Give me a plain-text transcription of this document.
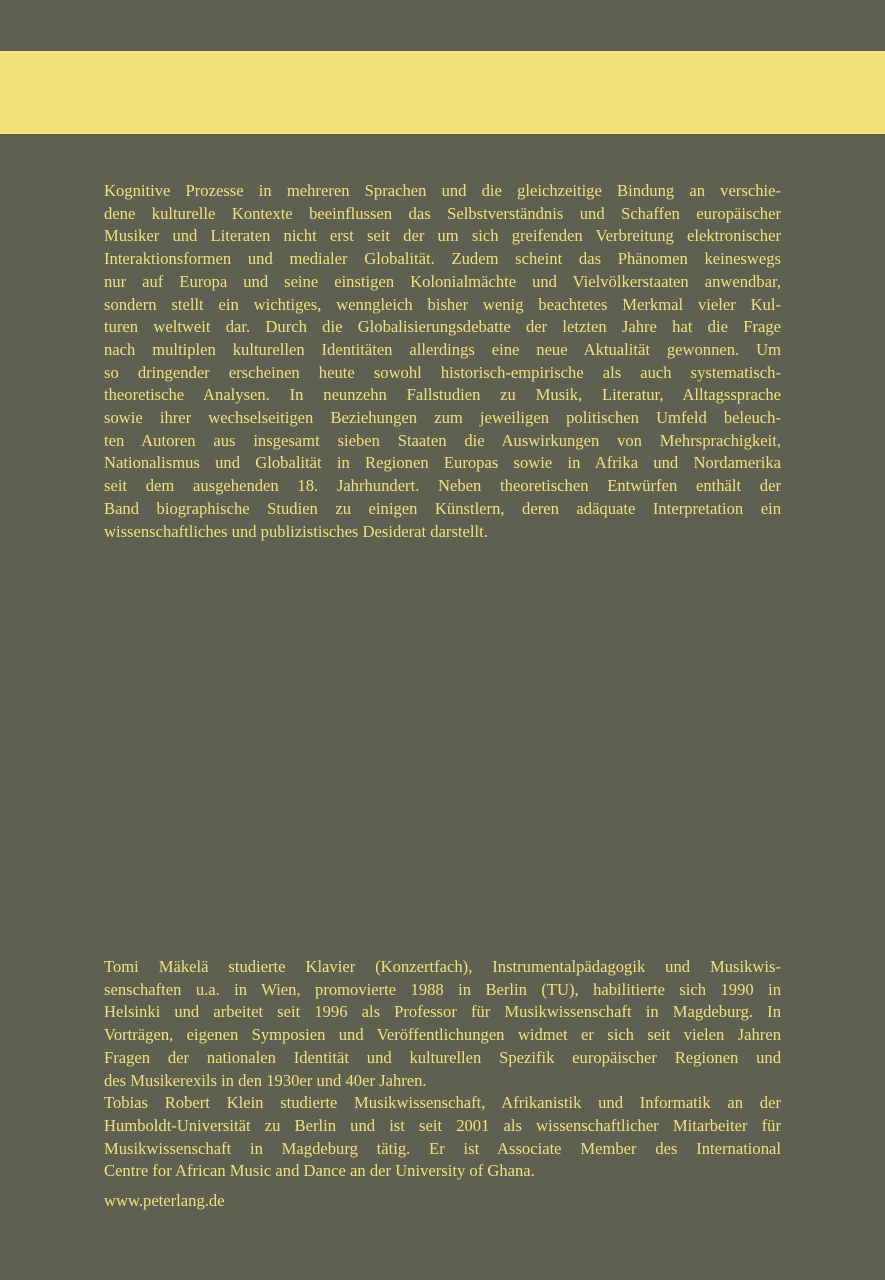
Kognitive Prozesse in mehreren Sprachen und die gleichzeitige Bindung an verschie-
dene kulturelle Kontexte beeinflussen das Selbstverständnis und Schaffen europäischer
Musiker und Literaten nicht erst seit der um sich greifenden Verbreitung elektronischer
Interaktionsformen und medialer Globalität. Zudem scheint das Phänomen keineswegs
nur auf Europa und seine einstigen Kolonialmächte und Vielvölkerstaaten anwendbar,
sondern stellt ein wichtiges, wenngleich bisher wenig beachtetes Merkmal vieler Kul-
turen weltweit dar. Durch die Globalisierungsdebatte der letzten Jahre hat die Frage
nach multiplen kulturellen Identitäten allerdings eine neue Aktualität gewonnen. Um
so dringender erscheinen heute sowohl historisch-empirische als auch systematisch-
theoretische Analysen. In neunzehn Fallstudien zu Musik, Literatur, Alltagssprache
sowie ihrer wechselseitigen Beziehungen zum jeweiligen politischen Umfeld beleuch-
ten Autoren aus insgesamt sieben Staaten die Auswirkungen von Mehrsprachigkeit,
Nationalismus und Globalität in Regionen Europas sowie in Afrika und Nordamerika
seit dem ausgehenden 18. Jahrhundert. Neben theoretischen Entwürfen enthält der
Band biographische Studien zu einigen Künstlern, deren adäquate Interpretation ein
wissenschaftliches und publizistisches Desiderat darstellt.
Tomi Mäkelä studierte Klavier (Konzertfach), Instrumentalpädagogik und Musikwis-
senschaften u.a. in Wien, promovierte 1988 in Berlin (TU), habilitierte sich 1990 in
Helsinki und arbeitet seit 1996 als Professor für Musikwissenschaft in Magdeburg. In
Vorträgen, eigenen Symposien und Veröffentlichungen widmet er sich seit vielen Jahren
Fragen der nationalen Identität und kulturellen Spezifik europäischer Regionen und
des Musikerexils in den 1930er und 40er Jahren.
Tobias Robert Klein studierte Musikwissenschaft, Afrikanistik und Informatik an der
Humboldt-Universität zu Berlin und ist seit 2001 als wissenschaftlicher Mitarbeiter für
Musikwissenschaft in Magdeburg tätig. Er ist Associate Member des International
Centre for African Music and Dance an der University of Ghana.
www.peterlang.de
